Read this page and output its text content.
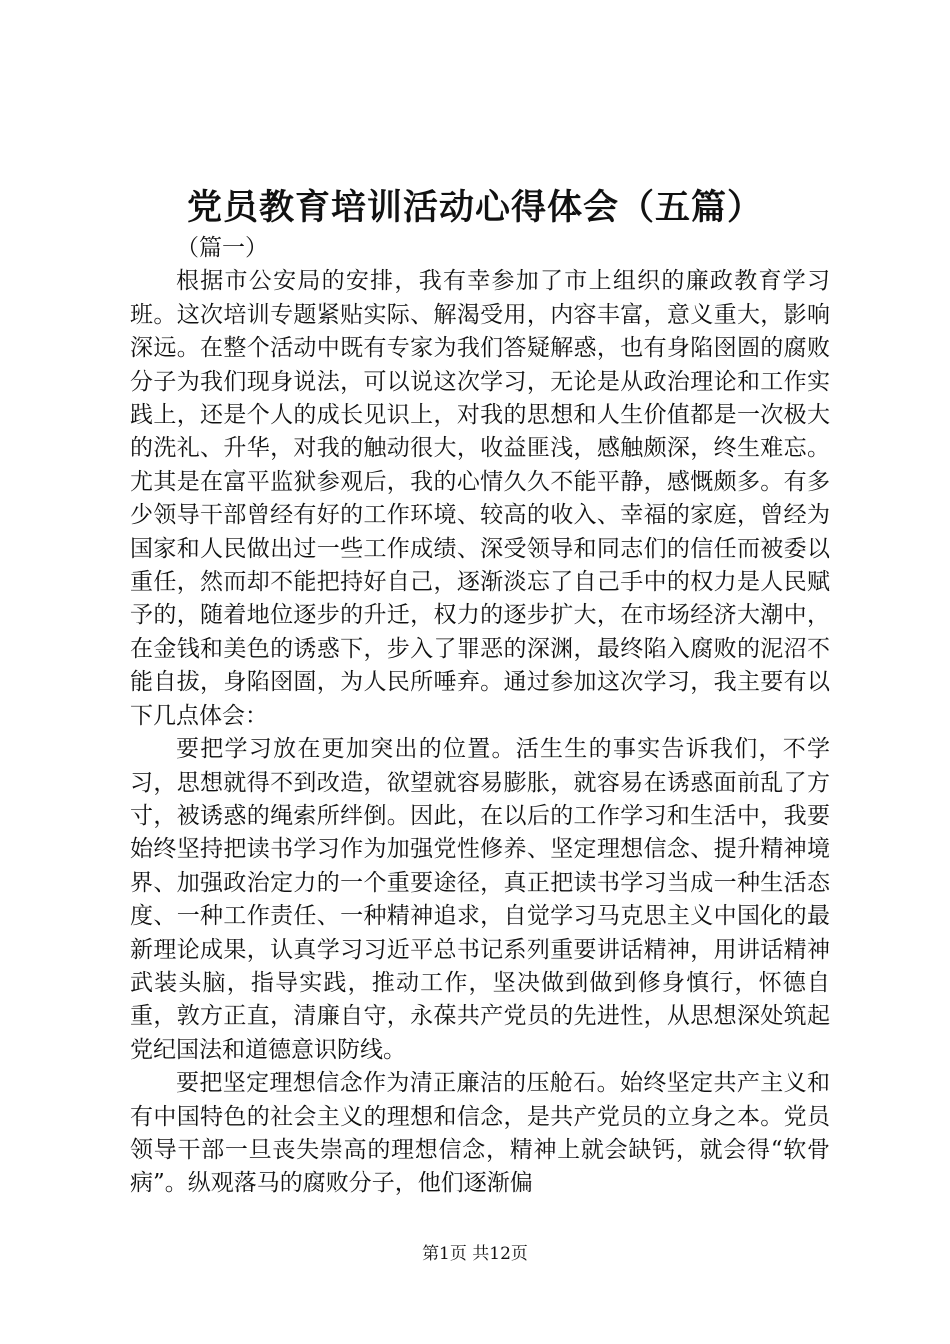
党员教育培训活动心得体会（五篇）

（篇一）

根据市公安局的安排，我有幸参加了市上组织的廉政教育学习班。这次培训专题紧贴实际、解渴受用，内容丰富，意义重大，影响深远。在整个活动中既有专家为我们答疑解惑，也有身陷囹圄的腐败分子为我们现身说法，可以说这次学习，无论是从政治理论和工作实践上，还是个人的成长见识上，对我的思想和人生价值都是一次极大的洗礼、升华，对我的触动很大，收益匪浅，感触颇深，终生难忘。尤其是在富平监狱参观后，我的心情久久不能平静，感慨颇多。有多少领导干部曾经有好的工作环境、较高的收入、幸福的家庭，曾经为国家和人民做出过一些工作成绩、深受领导和同志们的信任而被委以重任，然而却不能把持好自己，逐渐淡忘了自己手中的权力是人民赋予的，随着地位逐步的升迁，权力的逐步扩大，在市场经济大潮中，在金钱和美色的诱惑下，步入了罪恶的深渊，最终陷入腐败的泥沼不能自拔，身陷囹圄，为人民所唾弃。通过参加这次学习，我主要有以下几点体会：

要把学习放在更加突出的位置。活生生的事实告诉我们，不学习，思想就得不到改造，欲望就容易膨胀，就容易在诱惑面前乱了方寸，被诱惑的绳索所绊倒。因此，在以后的工作学习和生活中，我要始终坚持把读书学习作为加强党性修养、坚定理想信念、提升精神境界、加强政治定力的一个重要途径，真正把读书学习当成一种生活态度、一种工作责任、一种精神追求，自觉学习马克思主义中国化的最新理论成果，认真学习习近平总书记系列重要讲话精神，用讲话精神武装头脑，指导实践，推动工作，坚决做到做到修身慎行，怀德自重，敦方正直，清廉自守，永葆共产党员的先进性，从思想深处筑起党纪国法和道德意识防线。

要把坚定理想信念作为清正廉洁的压舱石。始终坚定共产主义和有中国特色的社会主义的理想和信念，是共产党员的立身之本。党员领导干部一旦丧失崇高的理想信念，精神上就会缺钙，就会得“软骨病”。纵观落马的腐败分子，他们逐渐偏

第1页 共12页
